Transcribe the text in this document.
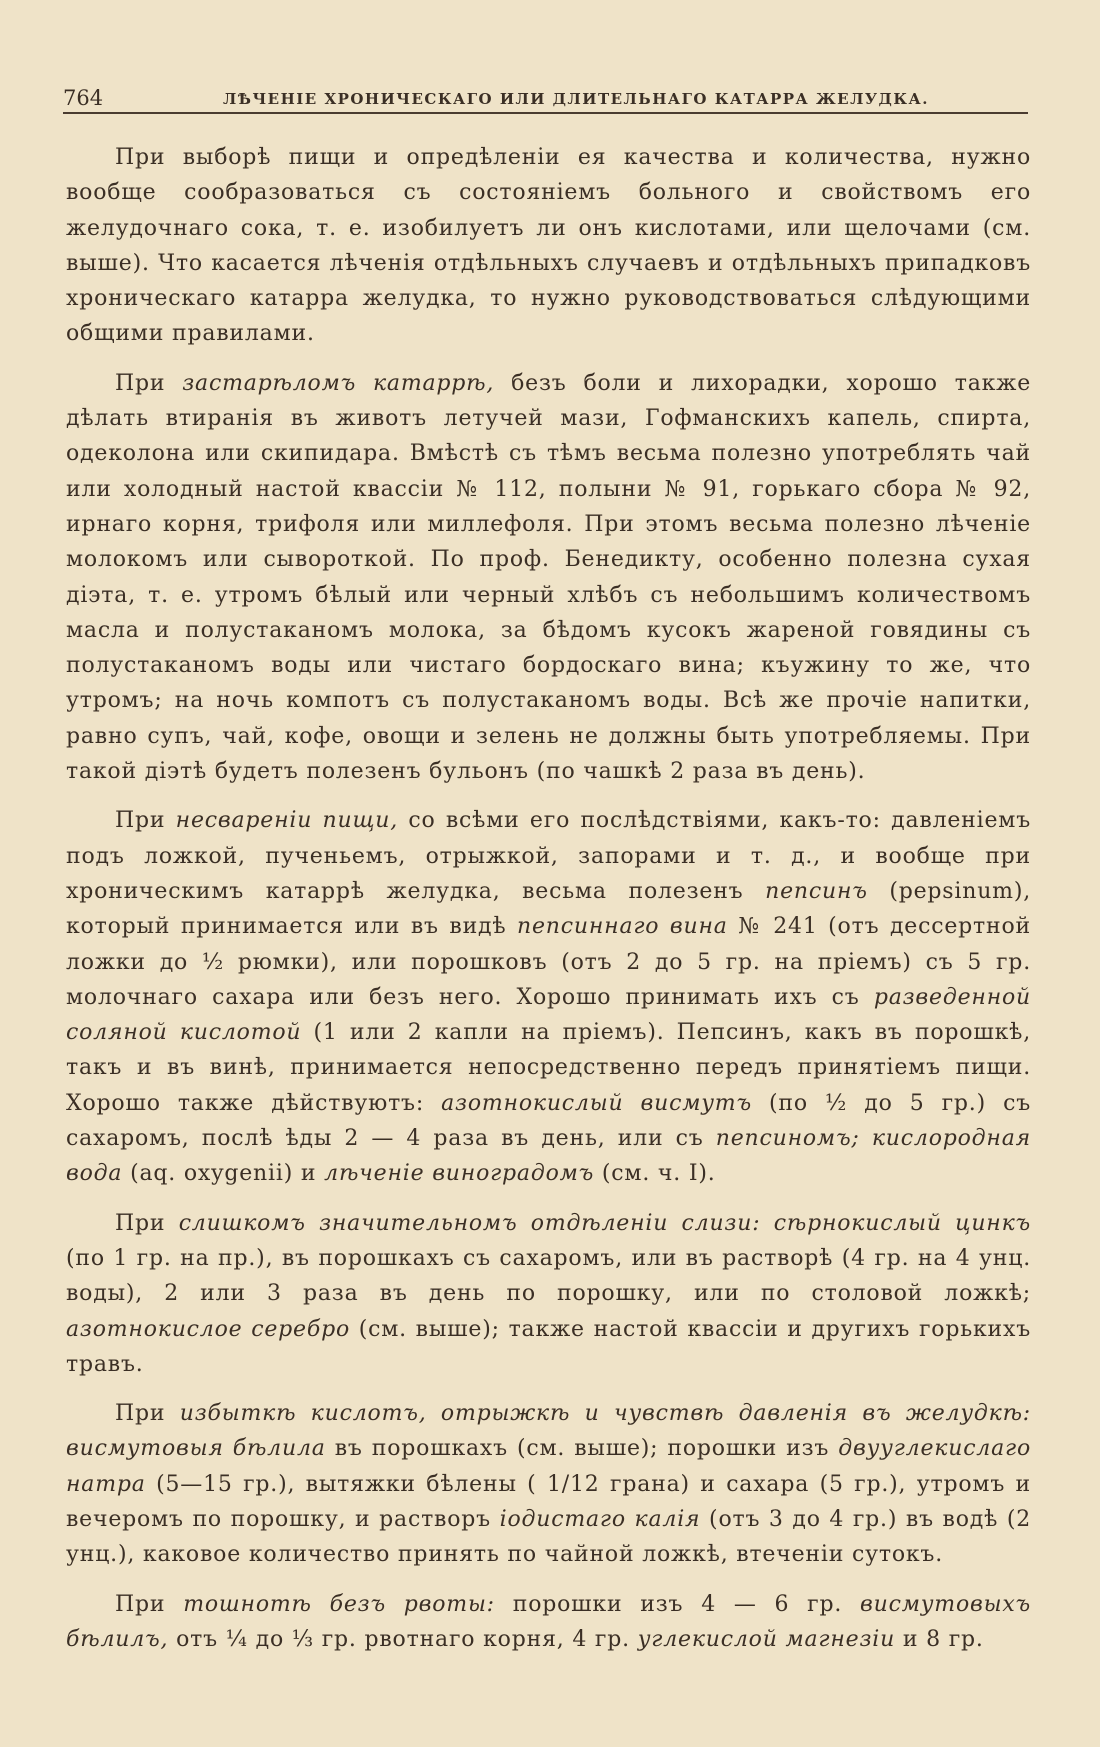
764	ЛѢЧЕНІЕ ХРОНИЧЕСКАГО ИЛИ ДЛИТЕЛЬНАГО КАТАРРА ЖЕЛУДКА.

При выборѣ пищи и опредѣленіи ея качества и количества, нужно вообще сообразоваться съ состояніемъ больного и свойствомъ его желудочнаго сока, т. е. изобилуетъ ли онъ кислотами, или щелочами (см. выше). Что касается лѣченія отдѣльныхъ случаевъ и отдѣльныхъ припадковъ хроническаго катарра желудка, то нужно руководствоваться слѣдующими общими правилами.

При застарѣломъ катаррѣ, безъ боли и лихорадки, хорошо также дѣлать втиранія въ животъ летучей мази, Гофманскихъ капель, спирта, одеколона или скипидара. Вмѣстѣ съ тѣмъ весьма полезно употреблять чай или холодный настой квассіи № 112, полыни № 91, горькаго сбора № 92, ирнаго корня, трифоля или миллефоля. При этомъ весьма полезно лѣченіе молокомъ или сывороткой. По проф. Бенедикту, особенно полезна сухая діэта, т. е. утромъ бѣлый или черный хлѣбъ съ небольшимъ количествомъ масла и полустаканомъ молока, за бѣдомъ кусокъ жареной говядины съ полустаканомъ воды или чистаго бордоскаго вина; къужину то же, что утромъ; на ночь компотъ съ полустаканомъ воды. Всѣ же прочіе напитки, равно супъ, чай, кофе, овощи и зелень не должны быть употребляемы. При такой діэтѣ будетъ полезенъ бульонъ (по чашкѣ 2 раза въ день).

При несвареніи пищи, со всѣми его послѣдствіями, какъ-то: давленіемъ подъ ложкой, пученьемъ, отрыжкой, запорами и т. д., и вообще при хроническимъ катаррѣ желудка, весьма полезенъ пепсинъ (pepsinum), который принимается или въ видѣ пепсиннаго вина № 241 (отъ дессертной ложки до ½ рюмки), или порошковъ (отъ 2 до 5 гр. на пріемъ) съ 5 гр. молочнаго сахара или безъ него. Хорошо принимать ихъ съ разведенной соляной кислотой (1 или 2 капли на пріемъ). Пепсинъ, какъ въ порошкѣ, такъ и въ винѣ, принимается непосредственно передъ принятіемъ пищи. Хорошо также дѣйствуютъ: азотнокислый висмутъ (по ½ до 5 гр.) съ сахаромъ, послѣ ѣды 2 — 4 раза въ день, или съ пепсиномъ; кислородная вода (aq. oxygenii) и лѣченіе виноградомъ (см. ч. I).

При слишкомъ значительномъ отдѣленіи слизи: сѣрнокислый цинкъ (по 1 гр. на пр.), въ порошкахъ съ сахаромъ, или въ растворѣ (4 гр. на 4 унц. воды), 2 или 3 раза въ день по порошку, или по столовой ложкѣ; азотнокислое серебро (см. выше); также настой квассіи и другихъ горькихъ травъ.

При избыткѣ кислотъ, отрыжкѣ и чувствѣ давленія въ желудкѣ: висмутовыя бѣлила въ порошкахъ (см. выше); порошки изъ двууглекислаго натра (5—15 гр.), вытяжки бѣлены ( 1/12 грана) и сахара (5 гр.), утромъ и вечеромъ по порошку, и растворъ іодистаго калія (отъ 3 до 4 гр.) въ водѣ (2 унц.), каковое количество принять по чайной ложкѣ, втеченіи сутокъ.

При тошнотѣ безъ рвоты: порошки изъ 4 — 6 гр. висмутовыхъ бѣлилъ, отъ ¼ до ⅓ гр. рвотнаго корня, 4 гр. углекислой магнезіи и 8 гр.
